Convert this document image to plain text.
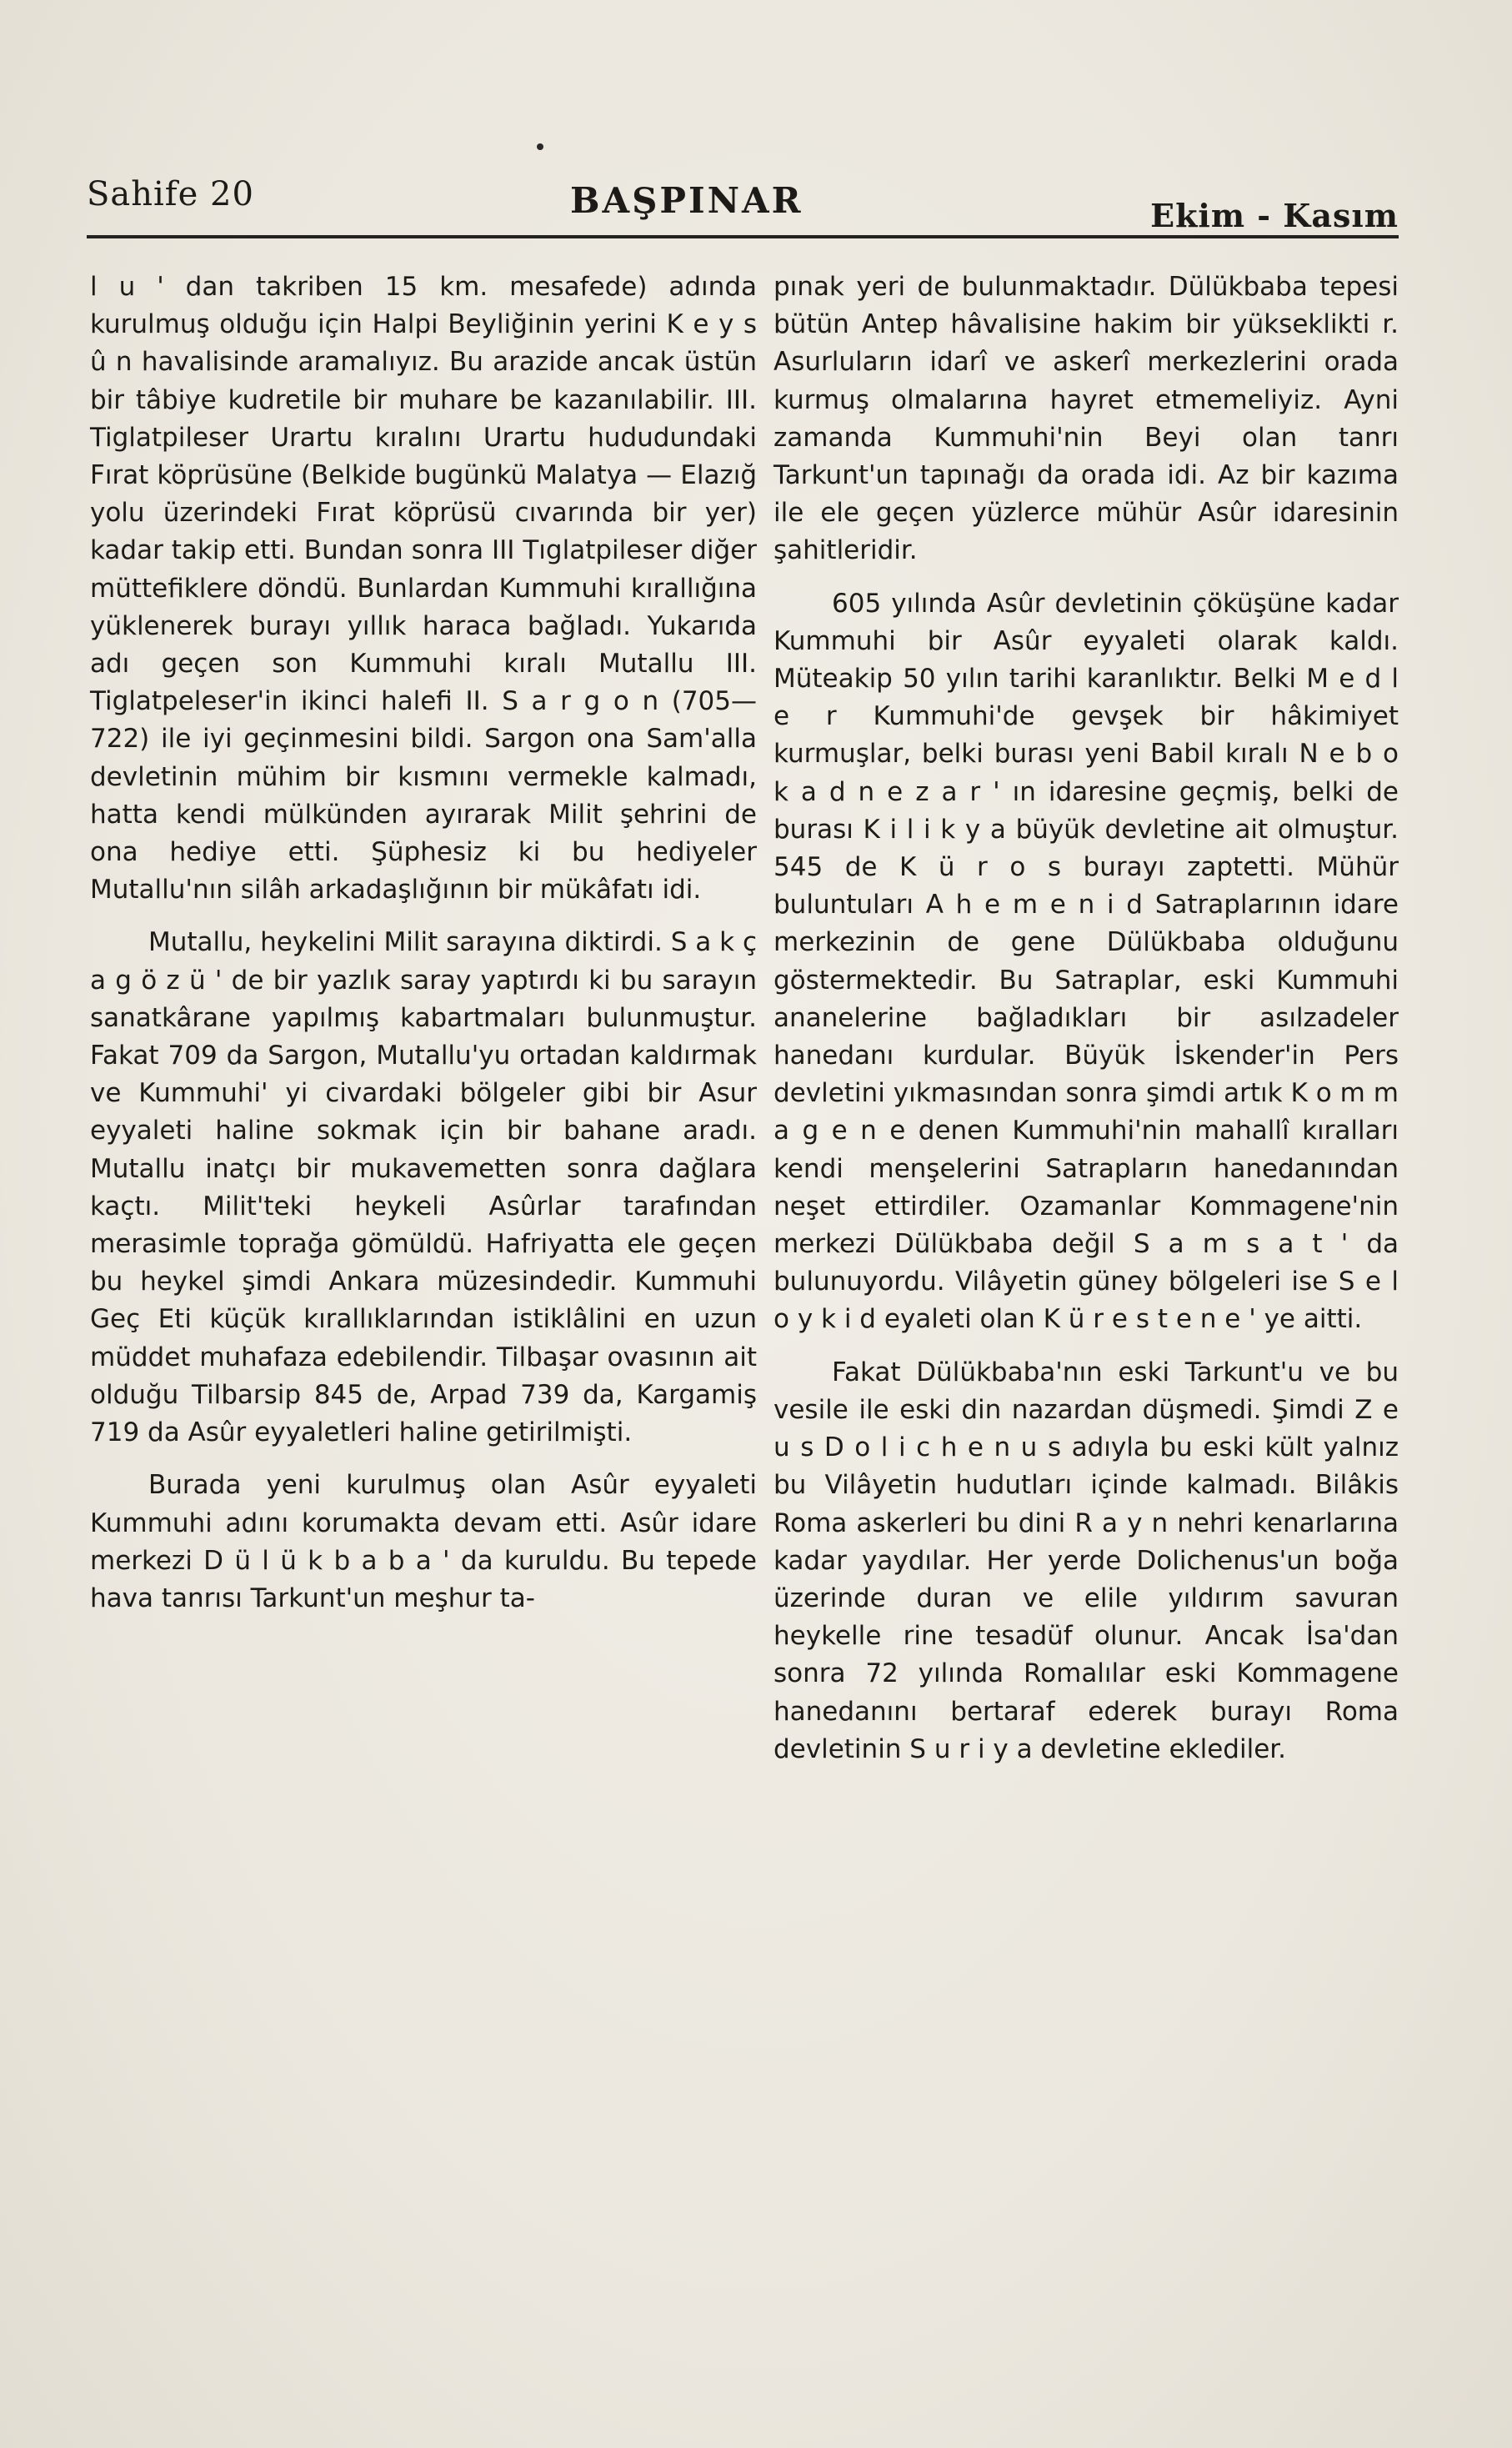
Sahife 20	BAŞPINAR	Ekim - Kasım

l u ' dan takriben 15 km. mesafede) adında kurulmuş olduğu için Halpi Beyliğinin yerini K e y s û n havalisinde aramalıyız. Bu arazide ancak üstün bir tâbiye kudretile bir muhare be kazanılabilir. III. Tiglatpileser Urartu kıralını Urartu hududundaki Fırat köprüsüne (Belkide bugünkü Malatya — Elazığ yolu üzerindeki Fırat köprüsü cıvarında bir yer) kadar takip etti. Bundan sonra III Tıglatpileser diğer müttefiklere döndü. Bunlardan Kummuhi kırallığına yüklenerek burayı yıllık haraca bağladı. Yukarıda adı geçen son Kummuhi kıralı Mutallu III. Tiglatpeleser'in ikinci halefi II. S a r g o n (705—722) ile iyi geçinmesini bildi. Sargon ona Sam'alla devletinin mühim bir kısmını vermekle kalmadı, hatta kendi mülkünden ayırarak Milit şehrini de ona hediye etti. Şüphesiz ki bu hediyeler Mutallu'nın silâh arkadaşlığının bir mükâfatı idi.

Mutallu, heykelini Milit sarayına diktirdi. S a k ç a g ö z ü ' de bir yazlık saray yaptırdı ki bu sarayın sanatkârane yapılmış kabartmaları bulunmuştur. Fakat 709 da Sargon, Mutallu'yu ortadan kaldırmak ve Kummuhi' yi civardaki bölgeler gibi bir Asur eyyaleti haline sokmak için bir bahane aradı. Mutallu inatçı bir mukavemetten sonra dağlara kaçtı. Milit'teki heykeli Asûrlar tarafından merasimle toprağa gömüldü. Hafriyatta ele geçen bu heykel şimdi Ankara müzesindedir. Kummuhi Geç Eti küçük kırallıklarından istiklâlini en uzun müddet muhafaza edebilendir. Tilbaşar ovasının ait olduğu Tilbarsip 845 de, Arpad 739 da, Kargamiş 719 da Asûr eyyaletleri haline getirilmişti.

Burada yeni kurulmuş olan Asûr eyyaleti Kummuhi adını korumakta devam etti. Asûr idare merkezi D ü l ü k b a b a ' da kuruldu. Bu tepede hava tanrısı Tarkunt'un meşhur ta-

pınak yeri de bulunmaktadır. Dülükbaba tepesi bütün Antep hâvalisine hakim bir yükseklikti r. Asurluların idarî ve askerî merkezlerini orada kurmuş olmalarına hayret etmemeliyiz. Ayni zamanda Kummuhi'nin Beyi olan tanrı Tarkunt'un tapınağı da orada idi. Az bir kazıma ile ele geçen yüzlerce mühür Asûr idaresinin şahitleridir.

605 yılında Asûr devletinin çöküşüne kadar Kummuhi bir Asûr eyyaleti olarak kaldı. Müteakip 50 yılın tarihi karanlıktır. Belki M e d l e r Kummuhi'de gevşek bir hâkimiyet kurmuşlar, belki burası yeni Babil kıralı N e b o k a d n e z a r ' ın idaresine geçmiş, belki de burası K i l i k y a büyük devletine ait olmuştur. 545 de K ü r o s burayı zaptetti. Mühür buluntuları A h e m e n i d Satraplarının idare merkezinin de gene Dülükbaba olduğunu göstermektedir. Bu Satraplar, eski Kummuhi ananelerine bağladıkları bir asılzadeler hanedanı kurdular. Büyük İskender'in Pers devletini yıkmasından sonra şimdi artık K o m m a g e n e denen Kummuhi'nin mahallî kıralları kendi menşelerini Satrapların hanedanından neşet ettirdiler. Ozamanlar Kommagene'nin merkezi Dülükbaba değil S a m s a t ' da bulunuyordu. Vilâyetin güney bölgeleri ise S e l o y k i d eyaleti olan K ü r e s t e n e ' ye aitti.

Fakat Dülükbaba'nın eski Tarkunt'u ve bu vesile ile eski din nazardan düşmedi. Şimdi Z e u s D o l i c h e n u s adıyla bu eski kült yalnız bu Vilâyetin hudutları içinde kalmadı. Bilâkis Roma askerleri bu dini R a y n nehri kenarlarına kadar yaydılar. Her yerde Dolichenus'un boğa üzerinde duran ve elile yıldırım savuran heykelle rine tesadüf olunur. Ancak İsa'dan sonra 72 yılında Romalılar eski Kommagene hanedanını bertaraf ederek burayı Roma devletinin S u r i y a devletine eklediler.
